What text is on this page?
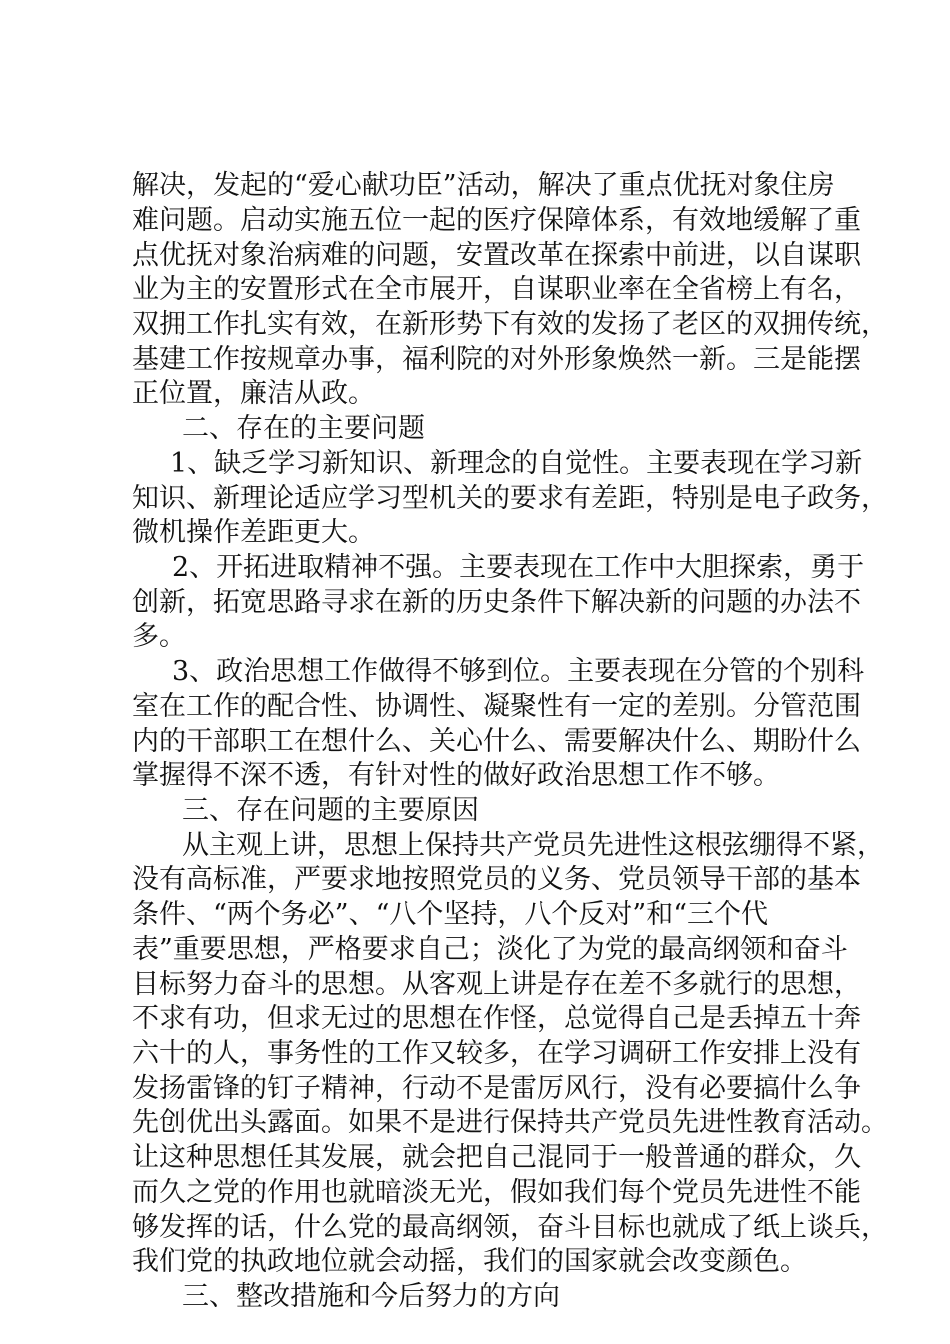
解决，发起的“爱心献功臣”活动，解决了重点优抚对象住房
难问题。启动实施五位一起的医疗保障体系，有效地缓解了重
点优抚对象治病难的问题，安置改革在探索中前进，以自谋职
业为主的安置形式在全市展开，自谋职业率在全省榜上有名，
双拥工作扎实有效，在新形势下有效的发扬了老区的双拥传统，
基建工作按规章办事，福利院的对外形象焕然一新。三是能摆
正位置，廉洁从政。
二、存在的主要问题
1、缺乏学习新知识、新理念的自觉性。主要表现在学习新
知识、新理论适应学习型机关的要求有差距，特别是电子政务，
微机操作差距更大。
2、开拓进取精神不强。主要表现在工作中大胆探索，勇于
创新，拓宽思路寻求在新的历史条件下解决新的问题的办法不
多。
3、政治思想工作做得不够到位。主要表现在分管的个别科
室在工作的配合性、协调性、凝聚性有一定的差别。分管范围
内的干部职工在想什么、关心什么、需要解决什么、期盼什么
掌握得不深不透，有针对性的做好政治思想工作不够。
三、存在问题的主要原因
从主观上讲，思想上保持共产党员先进性这根弦绷得不紧，
没有高标准，严要求地按照党员的义务、党员领导干部的基本
条件、“两个务必”、“八个坚持，八个反对”和“三个代
表”重要思想，严格要求自己；淡化了为党的最高纲领和奋斗
目标努力奋斗的思想。从客观上讲是存在差不多就行的思想，
不求有功，但求无过的思想在作怪，总觉得自己是丢掉五十奔
六十的人，事务性的工作又较多，在学习调研工作安排上没有
发扬雷锋的钉子精神，行动不是雷厉风行，没有必要搞什么争
先创优出头露面。如果不是进行保持共产党员先进性教育活动。
让这种思想任其发展，就会把自己混同于一般普通的群众，久
而久之党的作用也就暗淡无光，假如我们每个党员先进性不能
够发挥的话，什么党的最高纲领，奋斗目标也就成了纸上谈兵，
我们党的执政地位就会动摇，我们的国家就会改变颜色。
三、整改措施和今后努力的方向
